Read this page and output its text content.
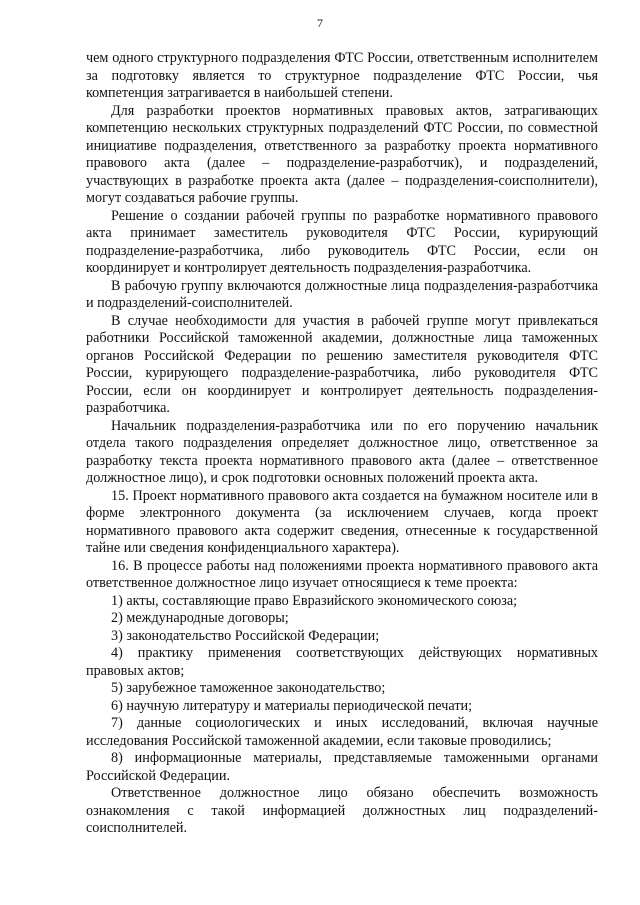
7

чем одного структурного подразделения ФТС России, ответственным исполнителем за подготовку является то структурное подразделение ФТС России, чья компетенция затрагивается в наибольшей степени.

Для разработки проектов нормативных правовых актов, затрагивающих компетенцию нескольких структурных подразделений ФТС России, по совместной инициативе подразделения, ответственного за разработку проекта нормативного правового акта (далее – подразделение-разработчик), и подразделений, участвующих в разработке проекта акта (далее – подразделения-соисполнители), могут создаваться рабочие группы.

Решение о создании рабочей группы по разработке нормативного правового акта принимает заместитель руководителя ФТС России, курирующий подразделение-разработчика, либо руководитель ФТС России, если он координирует и контролирует деятельность подразделения-разработчика.

В рабочую группу включаются должностные лица подразделения-разработчика и подразделений-соисполнителей.

В случае необходимости для участия в рабочей группе могут привлекаться работники Российской таможенной академии, должностные лица таможенных органов Российской Федерации по решению заместителя руководителя ФТС России, курирующего подразделение-разработчика, либо руководителя ФТС России, если он координирует и контролирует деятельность подразделения-разработчика.

Начальник подразделения-разработчика или по его поручению начальник отдела такого подразделения определяет должностное лицо, ответственное за разработку текста проекта нормативного правового акта (далее – ответственное должностное лицо), и срок подготовки основных положений проекта акта.

15. Проект нормативного правового акта создается на бумажном носителе или в форме электронного документа (за исключением случаев, когда проект нормативного правового акта содержит сведения, отнесенные к государственной тайне или сведения конфиденциального характера).

16. В процессе работы над положениями проекта нормативного правового акта ответственное должностное лицо изучает относящиеся к теме проекта:

1) акты, составляющие право Евразийского экономического союза;

2) международные договоры;

3) законодательство Российской Федерации;

4) практику применения соответствующих действующих нормативных правовых актов;

5) зарубежное таможенное законодательство;

6) научную литературу и материалы периодической печати;

7) данные социологических и иных исследований, включая научные исследования Российской таможенной академии, если таковые проводились;

8) информационные материалы, представляемые таможенными органами Российской Федерации.

Ответственное должностное лицо обязано обеспечить возможность ознакомления с такой информацией должностных лиц подразделений-соисполнителей.
